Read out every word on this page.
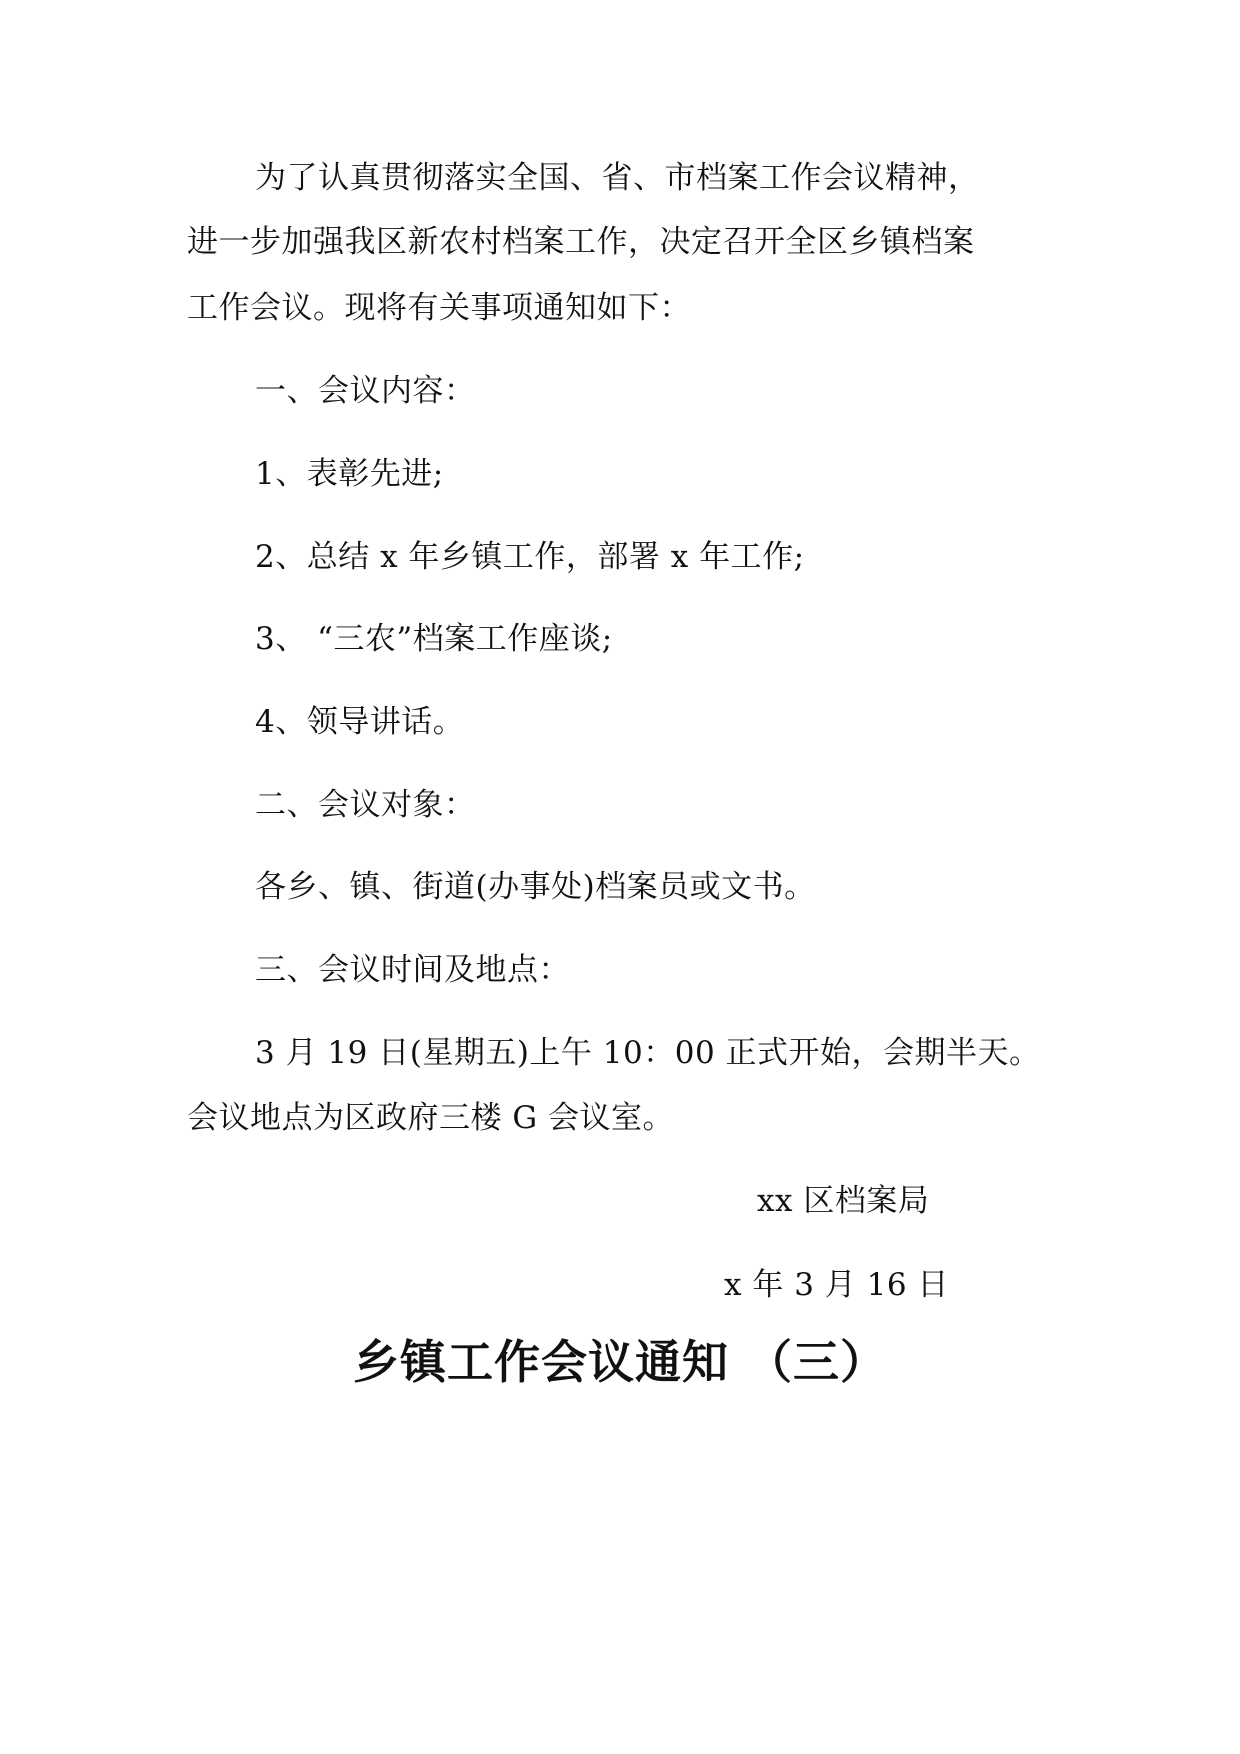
为了认真贯彻落实全国、省、市档案工作会议精神，
进一步加强我区新农村档案工作，决定召开全区乡镇档案
工作会议。现将有关事项通知如下：
一、会议内容：
1、表彰先进;
2、总结 x 年乡镇工作，部署 x 年工作;
3、 “三农”档案工作座谈;
4、领导讲话。
二、会议对象：
各乡、镇、街道(办事处)档案员或文书。
三、会议时间及地点：
3 月 19 日(星期五)上午 10：00 正式开始，会期半天。
会议地点为区政府三楼 G 会议室。
xx 区档案局
x 年 3 月 16 日
乡镇工作会议通知 （三）
